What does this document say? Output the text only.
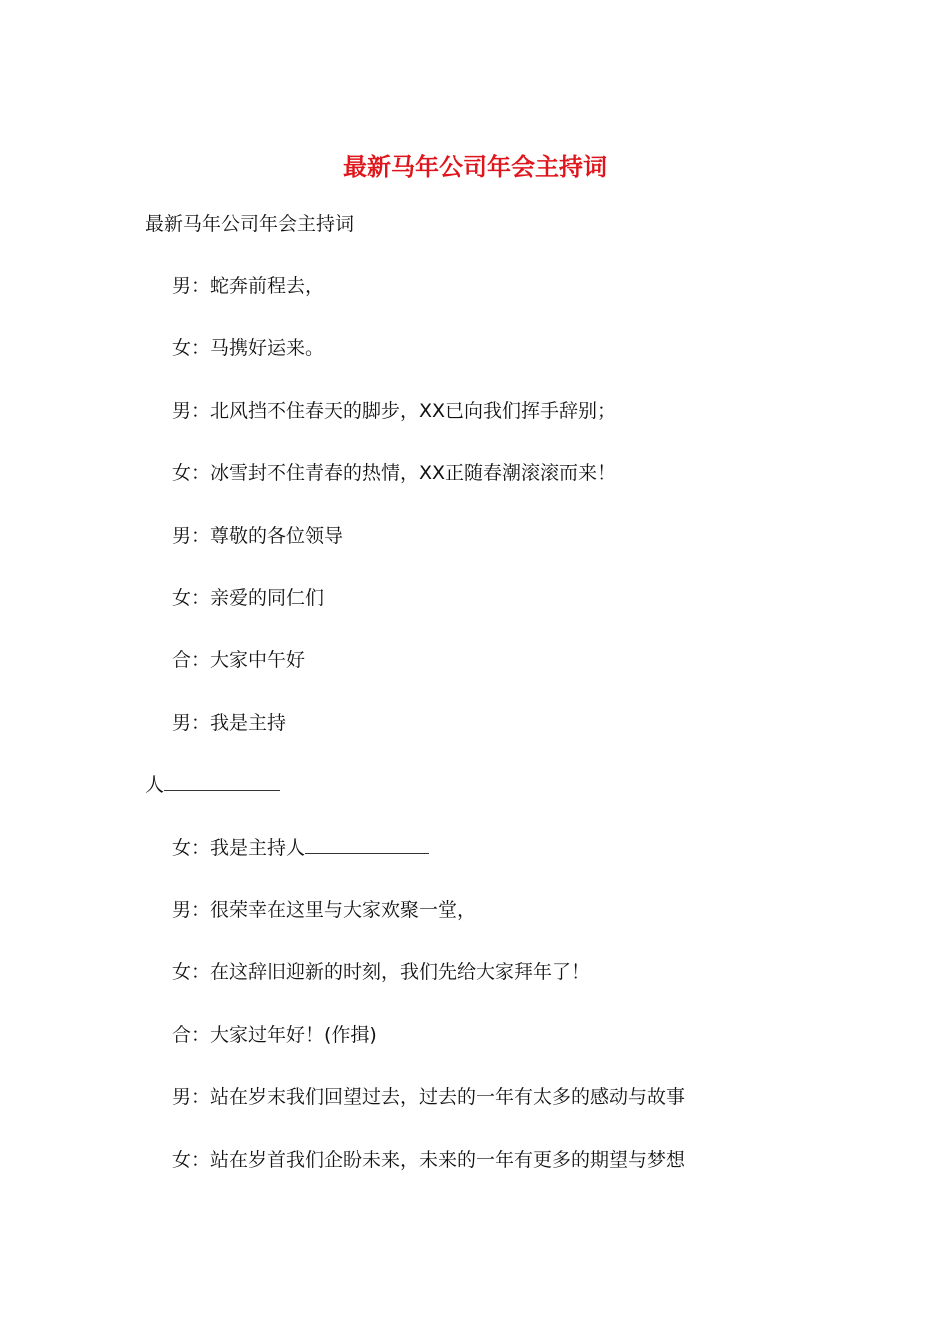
最新马年公司年会主持词

最新马年公司年会主持词

男：蛇奔前程去，

女：马携好运来。

男：北风挡不住春天的脚步，XX已向我们挥手辞别；

女：冰雪封不住青春的热情，XX正随春潮滚滚而来！

男：尊敬的各位领导

女：亲爱的同仁们

合：大家中午好

男：我是主持

人

女：我是主持人

男：很荣幸在这里与大家欢聚一堂，

女：在这辞旧迎新的时刻，我们先给大家拜年了！

合：大家过年好！(作揖)

男：站在岁末我们回望过去，过去的一年有太多的感动与故事

女：站在岁首我们企盼未来，未来的一年有更多的期望与梦想
